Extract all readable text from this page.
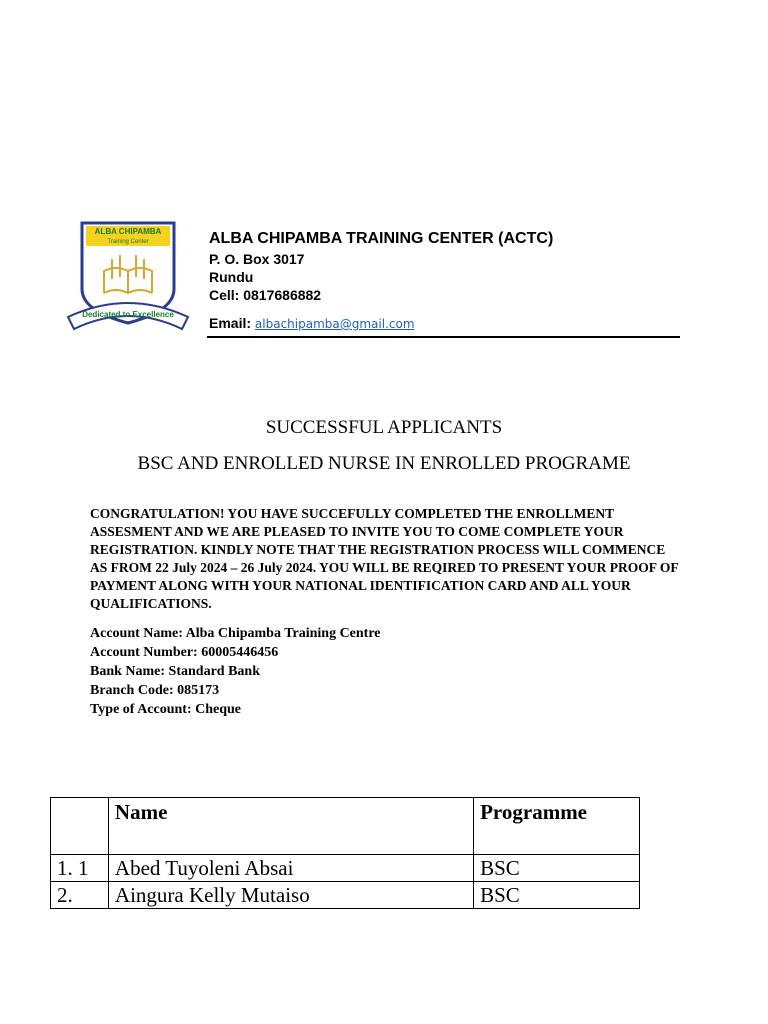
ALBA CHIPAMBA
Training Center
Dedicated to Excellence
ALBA CHIPAMBA TRAINING CENTER (ACTC)
P. O. Box 3017
Rundu
Cell: 0817686882
Email: albachipamba@gmail.com
SUCCESSFUL APPLICANTS
BSC AND ENROLLED NURSE IN ENROLLED PROGRAME
CONGRATULATION! YOU HAVE SUCCEFULLY COMPLETED THE ENROLLMENT ASSESMENT AND WE ARE PLEASED TO INVITE YOU TO COME COMPLETE YOUR REGISTRATION. KINDLY NOTE THAT THE REGISTRATION PROCESS WILL COMMENCE AS FROM 22 July 2024 – 26 July 2024. YOU WILL BE REQIRED TO PRESENT YOUR PROOF OF PAYMENT ALONG WITH YOUR NATIONAL IDENTIFICATION CARD AND ALL YOUR QUALIFICATIONS.
Account Name: Alba Chipamba Training Centre
Account Number: 60005446456
Bank Name: Standard Bank
Branch Code: 085173
Type of Account: Cheque
	Name	Programme
1. 1	Abed Tuyoleni Absai	BSC
2.	Aingura Kelly Mutaiso	BSC
